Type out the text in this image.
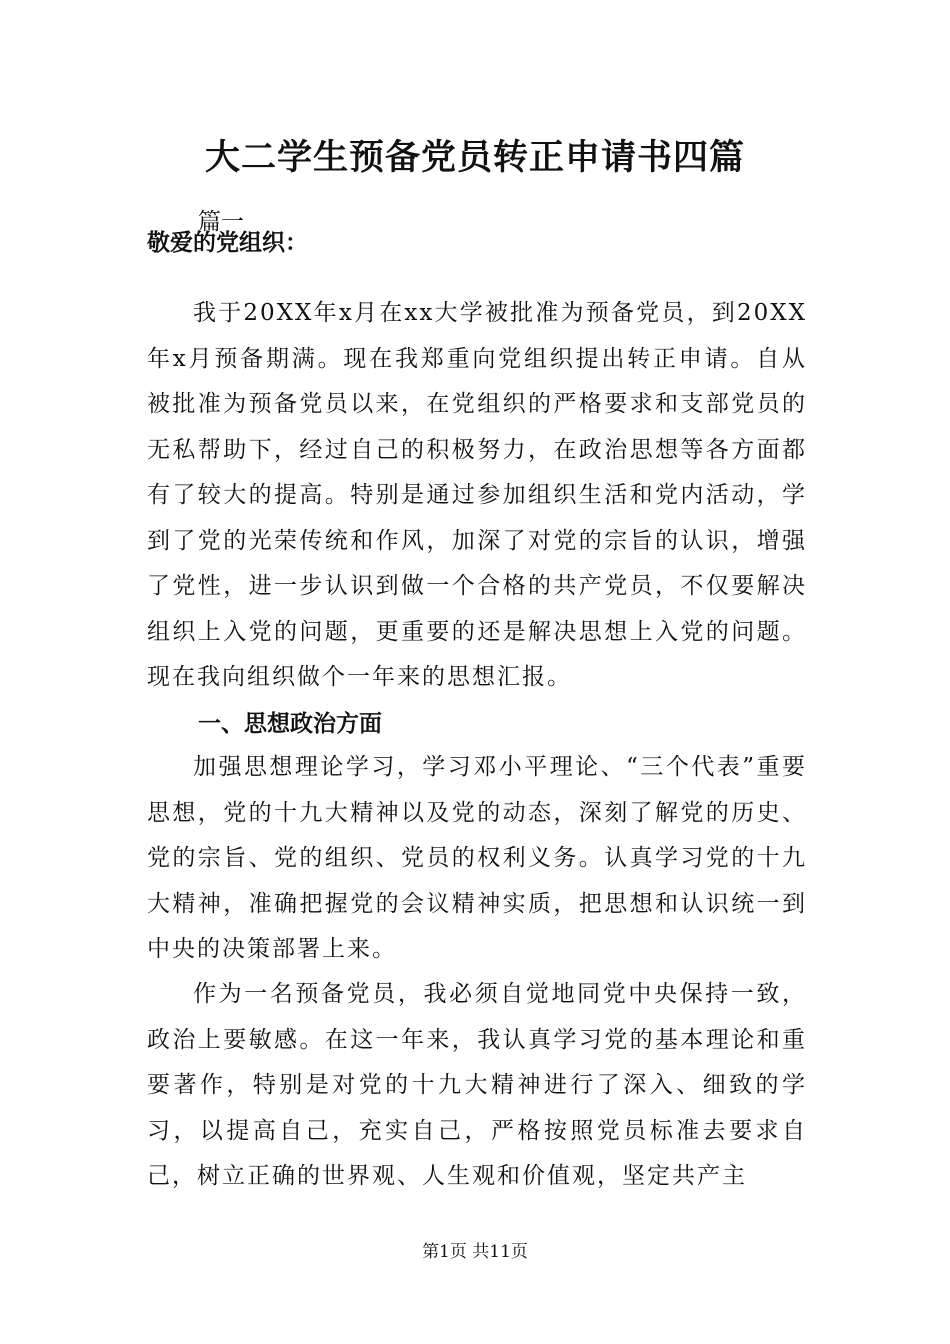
大二学生预备党员转正申请书四篇

篇一

敬爱的党组织：

我于20XX年x月在xx大学被批准为预备党员，到20XX年x月预备期满。现在我郑重向党组织提出转正申请。自从被批准为预备党员以来，在党组织的严格要求和支部党员的无私帮助下，经过自己的积极努力，在政治思想等各方面都有了较大的提高。特别是通过参加组织生活和党内活动，学到了党的光荣传统和作风，加深了对党的宗旨的认识，增强了党性，进一步认识到做一个合格的共产党员，不仅要解决组织上入党的问题，更重要的还是解决思想上入党的问题。现在我向组织做个一年来的思想汇报。

一、思想政治方面

加强思想理论学习，学习邓小平理论、“三个代表”重要思想，党的十九大精神以及党的动态，深刻了解党的历史、党的宗旨、党的组织、党员的权利义务。认真学习党的十九大精神，准确把握党的会议精神实质，把思想和认识统一到中央的决策部署上来。

作为一名预备党员，我必须自觉地同党中央保持一致，政治上要敏感。在这一年来，我认真学习党的基本理论和重要著作，特别是对党的十九大精神进行了深入、细致的学习，以提高自己，充实自己，严格按照党员标准去要求自己，树立正确的世界观、人生观和价值观，坚定共产主

第1页 共11页
